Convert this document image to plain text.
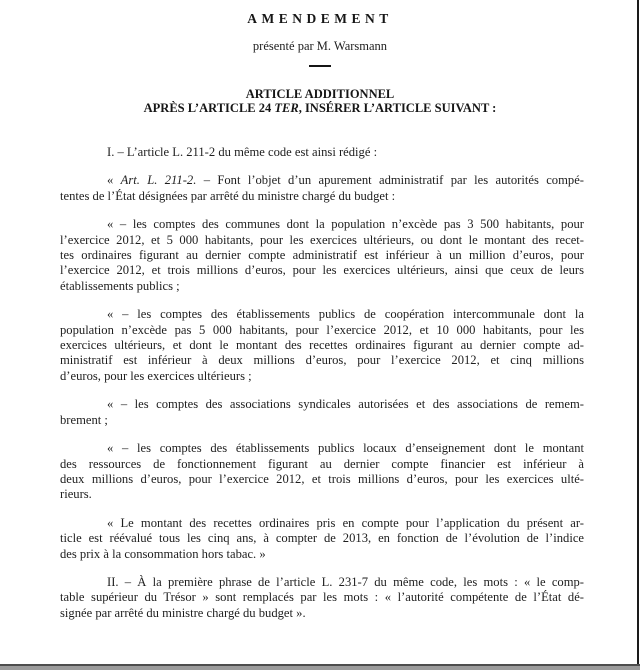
AMENDEMENT
présenté par M. Warsmann
ARTICLE ADDITIONNEL
APRÈS L’ARTICLE 24 TER, INSÉRER L’ARTICLE SUIVANT :
I. – L’article L. 211-2 du même code est ainsi rédigé :
« Art. L. 211-2. – Font l’objet d’un apurement administratif par les autorités compé-
tentes de l’État désignées par arrêté du ministre chargé du budget :
« – les comptes des communes dont la population n’excède pas 3 500 habitants, pour
l’exercice 2012, et 5 000 habitants, pour les exercices ultérieurs, ou dont le montant des recet-
tes ordinaires figurant au dernier compte administratif est inférieur à un million d’euros, pour
l’exercice 2012, et trois millions d’euros, pour les exercices ultérieurs, ainsi que ceux de leurs
établissements publics ;
« – les comptes des établissements publics de coopération intercommunale dont la
population n’excède pas 5 000 habitants, pour l’exercice 2012, et 10 000 habitants, pour les
exercices ultérieurs, et dont le montant des recettes ordinaires figurant au dernier compte ad-
ministratif est inférieur à deux millions d’euros, pour l’exercice 2012, et cinq millions
d’euros, pour les exercices ultérieurs ;
« – les comptes des associations syndicales autorisées et des associations de remem-
brement ;
« – les comptes des établissements publics locaux d’enseignement dont le montant
des ressources de fonctionnement figurant au dernier compte financier est inférieur à
deux millions d’euros, pour l’exercice 2012, et trois millions d’euros, pour les exercices ulté-
rieurs.
« Le montant des recettes ordinaires pris en compte pour l’application du présent ar-
ticle est réévalué tous les cinq ans, à compter de 2013, en fonction de l’évolution de l’indice
des prix à la consommation hors tabac. »
II. – À la première phrase de l’article L. 231-7 du même code, les mots : « le comp-
table supérieur du Trésor » sont remplacés par les mots : « l’autorité compétente de l’État dé-
signée par arrêté du ministre chargé du budget ».
